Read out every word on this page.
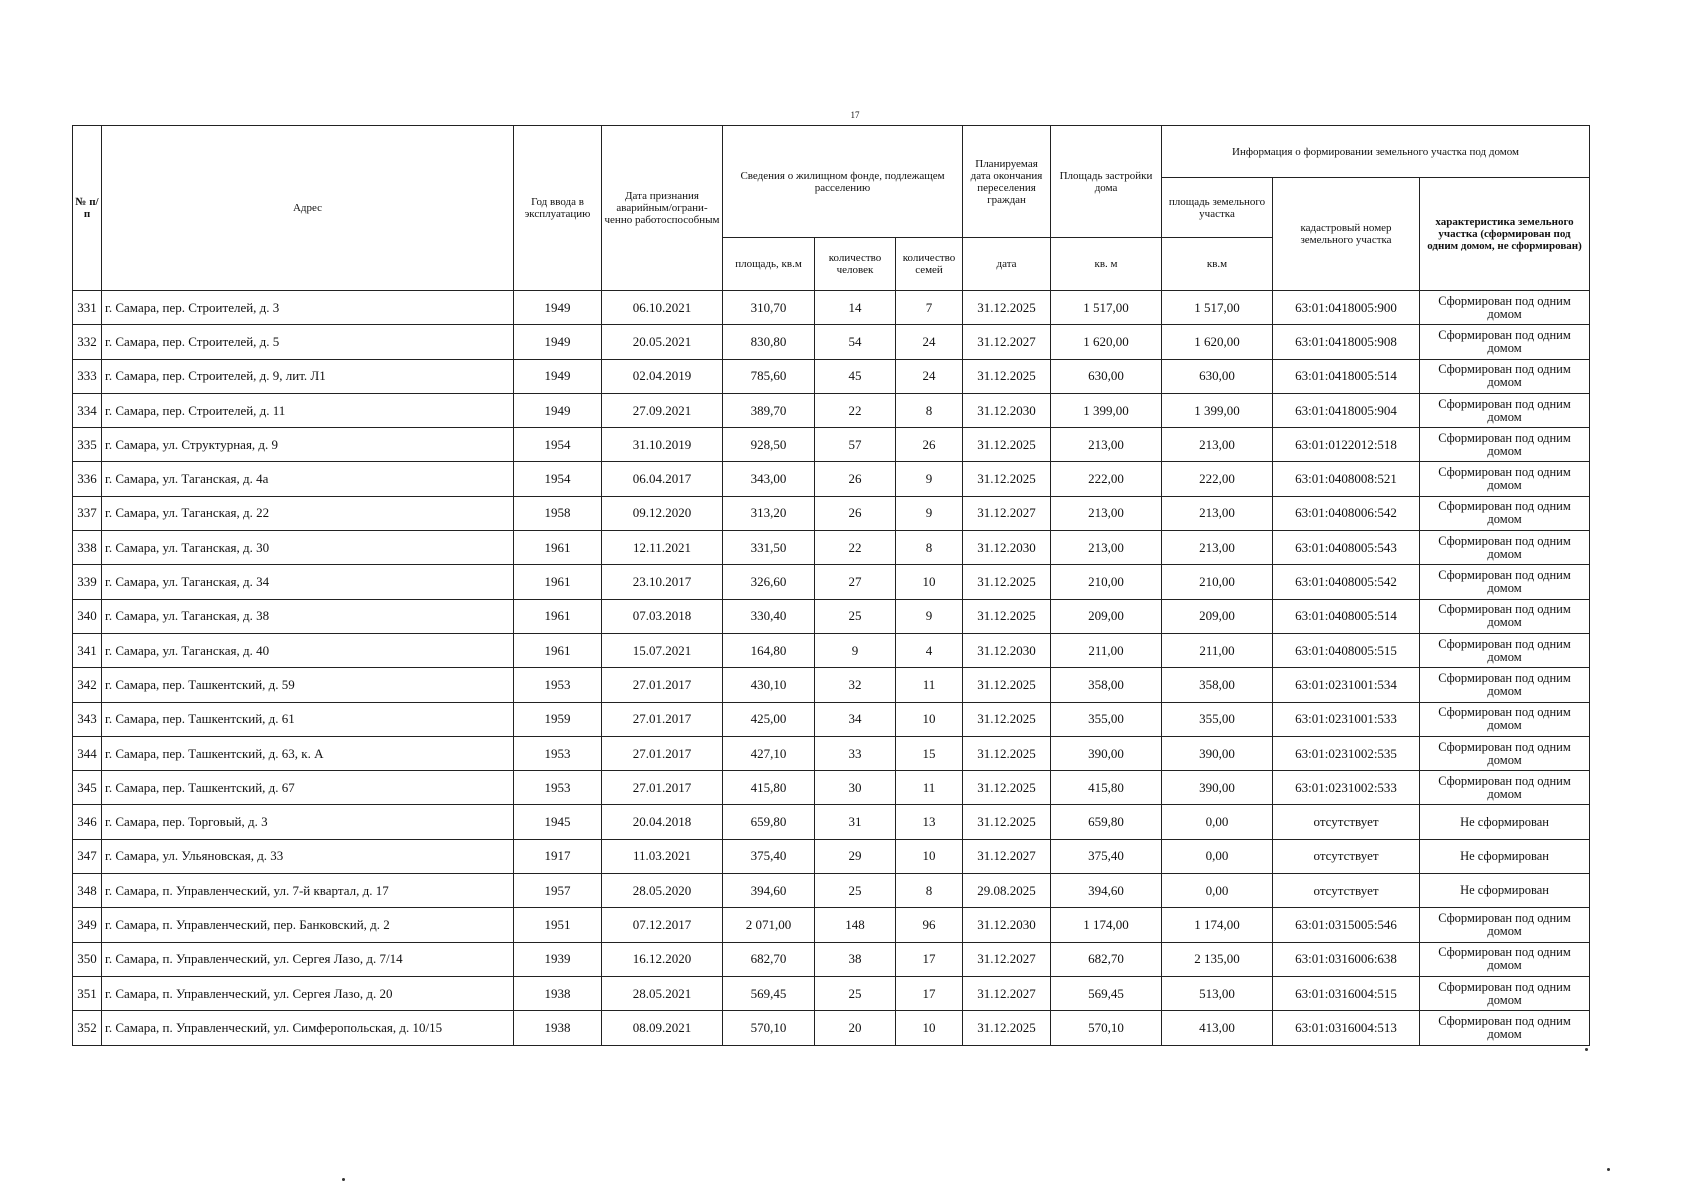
17
№ п/п	Адрес	Год ввода в эксплуатацию	Дата признания аварийным/ограни-ченно работоспособным	Сведения о жилищном фонде, подлежащем расселению			Планируемая дата окончания переселения граждан	Площадь застройки дома	Информация о формировании земельного участка под домом		
									площадь земельного участка	кадастровый номер земельного участка	характеристика земельного участка (сформирован под одним домом, не сформирован)
				площадь, кв.м	количество человек	количество семей	дата	кв. м	кв.м		
331	г. Самара, пер. Строителей, д. 3	1949	06.10.2021	310,70	14	7	31.12.2025	1 517,00	1 517,00	63:01:0418005:900	Сформирован под одним домом
332	г. Самара, пер. Строителей, д. 5	1949	20.05.2021	830,80	54	24	31.12.2027	1 620,00	1 620,00	63:01:0418005:908	Сформирован под одним домом
333	г. Самара, пер. Строителей, д. 9, лит. Л1	1949	02.04.2019	785,60	45	24	31.12.2025	630,00	630,00	63:01:0418005:514	Сформирован под одним домом
334	г. Самара, пер. Строителей, д. 11	1949	27.09.2021	389,70	22	8	31.12.2030	1 399,00	1 399,00	63:01:0418005:904	Сформирован под одним домом
335	г. Самара, ул. Структурная, д. 9	1954	31.10.2019	928,50	57	26	31.12.2025	213,00	213,00	63:01:0122012:518	Сформирован под одним домом
336	г. Самара, ул. Таганская, д. 4а	1954	06.04.2017	343,00	26	9	31.12.2025	222,00	222,00	63:01:0408008:521	Сформирован под одним домом
337	г. Самара, ул. Таганская, д. 22	1958	09.12.2020	313,20	26	9	31.12.2027	213,00	213,00	63:01:0408006:542	Сформирован под одним домом
338	г. Самара, ул. Таганская, д. 30	1961	12.11.2021	331,50	22	8	31.12.2030	213,00	213,00	63:01:0408005:543	Сформирован под одним домом
339	г. Самара, ул. Таганская, д. 34	1961	23.10.2017	326,60	27	10	31.12.2025	210,00	210,00	63:01:0408005:542	Сформирован под одним домом
340	г. Самара, ул. Таганская, д. 38	1961	07.03.2018	330,40	25	9	31.12.2025	209,00	209,00	63:01:0408005:514	Сформирован под одним домом
341	г. Самара, ул. Таганская, д. 40	1961	15.07.2021	164,80	9	4	31.12.2030	211,00	211,00	63:01:0408005:515	Сформирован под одним домом
342	г. Самара, пер. Ташкентский, д. 59	1953	27.01.2017	430,10	32	11	31.12.2025	358,00	358,00	63:01:0231001:534	Сформирован под одним домом
343	г. Самара, пер. Ташкентский, д. 61	1959	27.01.2017	425,00	34	10	31.12.2025	355,00	355,00	63:01:0231001:533	Сформирован под одним домом
344	г. Самара, пер. Ташкентский, д. 63, к. А	1953	27.01.2017	427,10	33	15	31.12.2025	390,00	390,00	63:01:0231002:535	Сформирован под одним домом
345	г. Самара, пер. Ташкентский, д. 67	1953	27.01.2017	415,80	30	11	31.12.2025	415,80	390,00	63:01:0231002:533	Сформирован под одним домом
346	г. Самара, пер. Торговый, д. 3	1945	20.04.2018	659,80	31	13	31.12.2025	659,80	0,00	отсутствует	Не сформирован
347	г. Самара, ул. Ульяновская, д. 33	1917	11.03.2021	375,40	29	10	31.12.2027	375,40	0,00	отсутствует	Не сформирован
348	г. Самара, п. Управленческий, ул. 7-й квартал, д. 17	1957	28.05.2020	394,60	25	8	29.08.2025	394,60	0,00	отсутствует	Не сформирован
349	г. Самара, п. Управленческий, пер. Банковский, д. 2	1951	07.12.2017	2 071,00	148	96	31.12.2030	1 174,00	1 174,00	63:01:0315005:546	Сформирован под одним домом
350	г. Самара, п. Управленческий, ул. Сергея Лазо, д. 7/14	1939	16.12.2020	682,70	38	17	31.12.2027	682,70	2 135,00	63:01:0316006:638	Сформирован под одним домом
351	г. Самара, п. Управленческий, ул. Сергея Лазо, д. 20	1938	28.05.2021	569,45	25	17	31.12.2027	569,45	513,00	63:01:0316004:515	Сформирован под одним домом
352	г. Самара, п. Управленческий, ул. Симферопольская, д. 10/15	1938	08.09.2021	570,10	20	10	31.12.2025	570,10	413,00	63:01:0316004:513	Сформирован под одним домом
